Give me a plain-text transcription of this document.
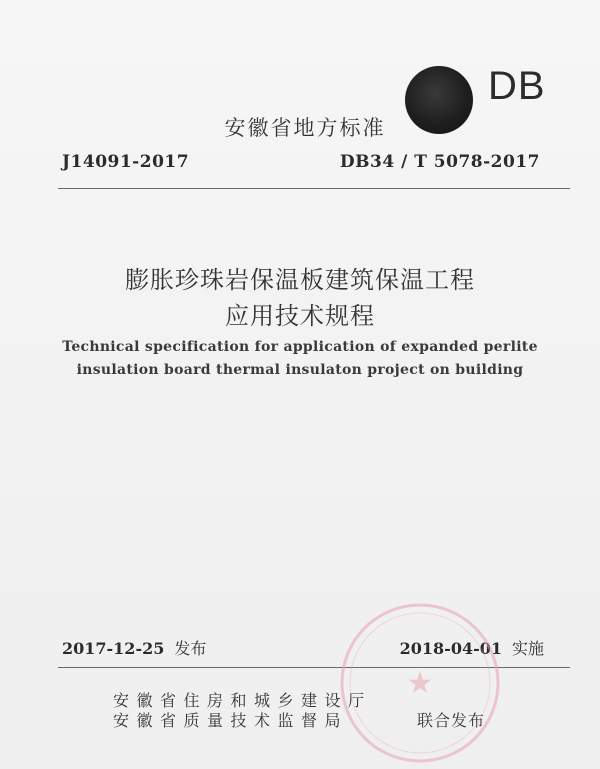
DB
安徽省地方标准
J14091-2017	DB34 / T 5078-2017
膨胀珍珠岩保温板建筑保温工程
应用技术规程
Technical specification for application of expanded perlite
insulation board thermal insulaton project on building
2017-12-25 发布	2018-04-01 实施
安徽省住房和城乡建设厅
安徽省质量技术监督局	联合发布
★
